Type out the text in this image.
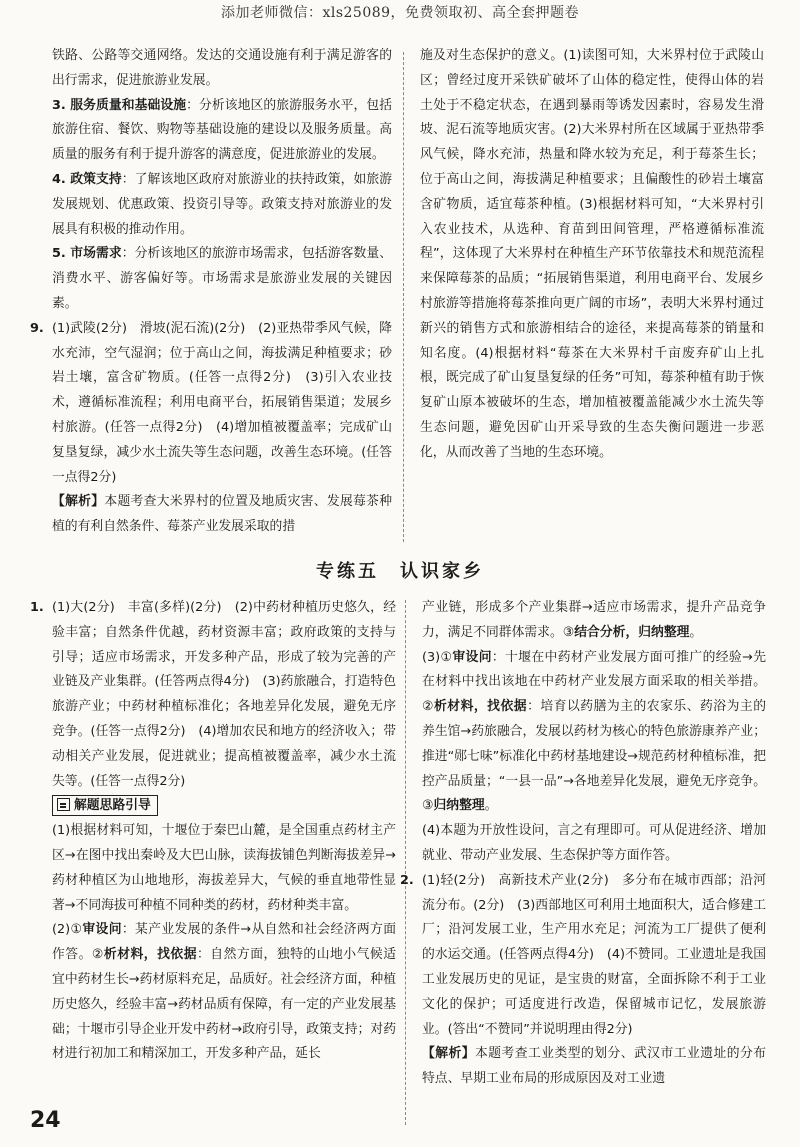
添加老师微信：xls25089，免费领取初、高全套押题卷

铁路、公路等交通网络。发达的交通设施有利于满足游客的出行需求，促进旅游业发展。

3. 服务质量和基础设施：分析该地区的旅游服务水平，包括旅游住宿、餐饮、购物等基础设施的建设以及服务质量。高质量的服务有利于提升游客的满意度，促进旅游业的发展。

4. 政策支持：了解该地区政府对旅游业的扶持政策，如旅游发展规划、优惠政策、投资引导等。政策支持对旅游业的发展具有积极的推动作用。

5. 市场需求：分析该地区的旅游市场需求，包括游客数量、消费水平、游客偏好等。市场需求是旅游业发展的关键因素。

9. (1)武陵(2分)　滑坡(泥石流)(2分)　(2)亚热带季风气候，降水充沛，空气湿润；位于高山之间，海拔满足种植要求；砂岩土壤，富含矿物质。(任答一点得2分)　(3)引入农业技术，遵循标准流程；利用电商平台，拓展销售渠道；发展乡村旅游。(任答一点得2分)　(4)增加植被覆盖率；完成矿山复垦复绿，减少水土流失等生态问题，改善生态环境。(任答一点得2分)

【解析】本题考查大米界村的位置及地质灾害、发展莓茶种植的有利自然条件、莓茶产业发展采取的措

施及对生态保护的意义。(1)读图可知，大米界村位于武陵山区；曾经过度开采铁矿破坏了山体的稳定性，使得山体的岩土处于不稳定状态，在遇到暴雨等诱发因素时，容易发生滑坡、泥石流等地质灾害。(2)大米界村所在区域属于亚热带季风气候，降水充沛，热量和降水较为充足，利于莓茶生长；位于高山之间，海拔满足种植要求；且偏酸性的砂岩土壤富含矿物质，适宜莓茶种植。(3)根据材料可知，“大米界村引入农业技术，从选种、育苗到田间管理，严格遵循标准流程”，这体现了大米界村在种植生产环节依靠技术和规范流程来保障莓茶的品质；“拓展销售渠道，利用电商平台、发展乡村旅游等措施将莓茶推向更广阔的市场”，表明大米界村通过新兴的销售方式和旅游相结合的途径，来提高莓茶的销量和知名度。(4)根据材料“莓茶在大米界村千亩废弃矿山上扎根，既完成了矿山复垦复绿的任务”可知，莓茶种植有助于恢复矿山原本被破坏的生态，增加植被覆盖能减少水土流失等生态问题，避免因矿山开采导致的生态失衡问题进一步恶化，从而改善了当地的生态环境。

专练五　认识家乡

1. (1)大(2分)　丰富(多样)(2分)　(2)中药材种植历史悠久，经验丰富；自然条件优越，药材资源丰富；政府政策的支持与引导；适应市场需求，开发多种产品，形成了较为完善的产业链及产业集群。(任答两点得4分)　(3)药旅融合，打造特色旅游产业；中药材种植标准化；各地差异化发展，避免无序竞争。(任答一点得2分)　(4)增加农民和地方的经济收入；带动相关产业发展，促进就业；提高植被覆盖率，减少水土流失等。(任答一点得2分)

解题思路引导

(1)根据材料可知，十堰位于秦巴山麓，是全国重点药材主产区→在图中找出秦岭及大巴山脉，读海拔铺色判断海拔差异→药材种植区为山地地形，海拔差异大，气候的垂直地带性显著→不同海拔可种植不同种类的药材，药材种类丰富。

(2)①审设问：某产业发展的条件→从自然和社会经济两方面作答。②析材料，找依据：自然方面，独特的山地小气候适宜中药材生长→药材原料充足，品质好。社会经济方面，种植历史悠久，经验丰富→药材品质有保障，有一定的产业发展基础；十堰市引导企业开发中药材→政府引导，政策支持；对药材进行初加工和精深加工，开发多种产品，延长

产业链，形成多个产业集群→适应市场需求，提升产品竞争力，满足不同群体需求。③结合分析，归纳整理。

(3)①审设问：十堰在中药材产业发展方面可推广的经验→先在材料中找出该地在中药材产业发展方面采取的相关举措。②析材料，找依据：培育以药膳为主的农家乐、药浴为主的养生馆→药旅融合，发展以药材为核心的特色旅游康养产业；推进“郧七味”标准化中药材基地建设→规范药材种植标准，把控产品质量；“一县一品”→各地差异化发展，避免无序竞争。③归纳整理。

(4)本题为开放性设问，言之有理即可。可从促进经济、增加就业、带动产业发展、生态保护等方面作答。

2. (1)轻(2分)　高新技术产业(2分)　多分布在城市西部；沿河流分布。(2分)　(3)西部地区可利用土地面积大，适合修建工厂；沿河发展工业，生产用水充足；河流为工厂提供了便利的水运交通。(任答两点得4分)　(4)不赞同。工业遗址是我国工业发展历史的见证，是宝贵的财富，全面拆除不利于工业文化的保护；可适度进行改造，保留城市记忆，发展旅游业。(答出“不赞同”并说明理由得2分)

【解析】本题考查工业类型的划分、武汉市工业遗址的分布特点、早期工业布局的形成原因及对工业遗

24
